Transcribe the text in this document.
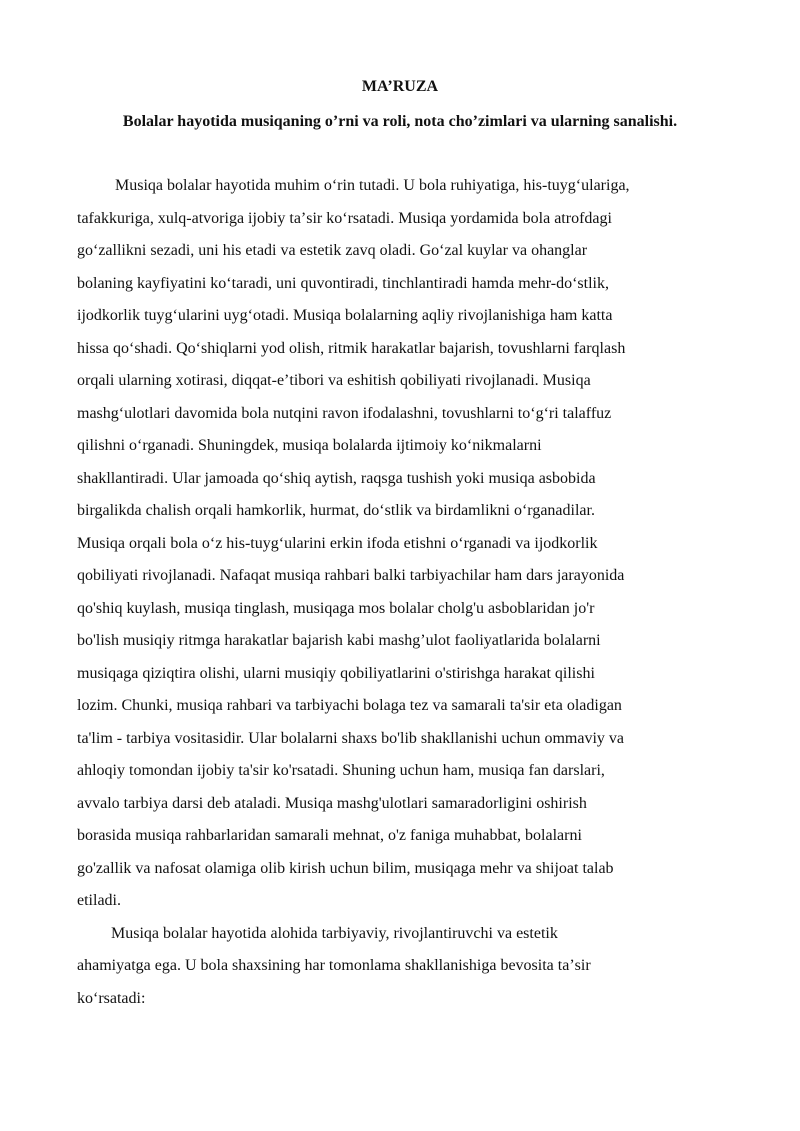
MA’RUZA
Bolalar hayotida musiqaning o’rni va roli, nota cho’zimlari va ularning sanalishi.

Musiqa bolalar hayotida muhim oʻrin tutadi. U bola ruhiyatiga, his-tuygʻulariga,
tafakkuriga, xulq-atvoriga ijobiy taʼsir koʻrsatadi. Musiqa yordamida bola atrofdagi
goʻzallikni sezadi, uni his etadi va estetik zavq oladi. Goʻzal kuylar va ohanglar
bolaning kayfiyatini koʻtaradi, uni quvontiradi, tinchlantiradi hamda mehr-doʻstlik,
ijodkorlik tuygʻularini uygʻotadi. Musiqa bolalarning aqliy rivojlanishiga ham katta
hissa qoʻshadi. Qoʻshiqlarni yod olish, ritmik harakatlar bajarish, tovushlarni farqlash
orqali ularning xotirasi, diqqat-eʼtibori va eshitish qobiliyati rivojlanadi. Musiqa
mashgʻulotlari davomida bola nutqini ravon ifodalashni, tovushlarni toʻgʻri talaffuz
qilishni oʻrganadi. Shuningdek, musiqa bolalarda ijtimoiy koʻnikmalarni
shakllantiradi. Ular jamoada qoʻshiq aytish, raqsga tushish yoki musiqa asbobida
birgalikda chalish orqali hamkorlik, hurmat, doʻstlik va birdamlikni oʻrganadilar.
Musiqa orqali bola oʻz his-tuygʻularini erkin ifoda etishni oʻrganadi va ijodkorlik
qobiliyati rivojlanadi. Nafaqat musiqa rahbari balki tarbiyachilar ham dars jarayonida
qo'shiq kuylash, musiqa tinglash, musiqaga mos bolalar cholg'u asboblaridan jo'r
bo'lish musiqiy ritmga harakatlar bajarish kabi mashg’ulot faoliyatlarida bolalarni
musiqaga qiziqtira olishi, ularni musiqiy qobiliyatlarini o'stirishga harakat qilishi
lozim. Chunki, musiqa rahbari va tarbiyachi bolaga tez va samarali ta'sir eta oladigan
ta'lim - tarbiya vositasidir. Ular bolalarni shaxs bo'lib shakllanishi uchun ommaviy va
ahloqiy tomondan ijobiy ta'sir ko'rsatadi. Shuning uchun ham, musiqa fan darslari,
avvalo tarbiya darsi deb ataladi. Musiqa mashg'ulotlari samaradorligini oshirish
borasida musiqa rahbarlaridan samarali mehnat, o'z faniga muhabbat, bolalarni
go'zallik va nafosat olamiga olib kirish uchun bilim, musiqaga mehr va shijoat talab
etiladi.

Musiqa bolalar hayotida alohida tarbiyaviy, rivojlantiruvchi va estetik
ahamiyatga ega. U bola shaxsining har tomonlama shakllanishiga bevosita taʼsir
koʻrsatadi:
